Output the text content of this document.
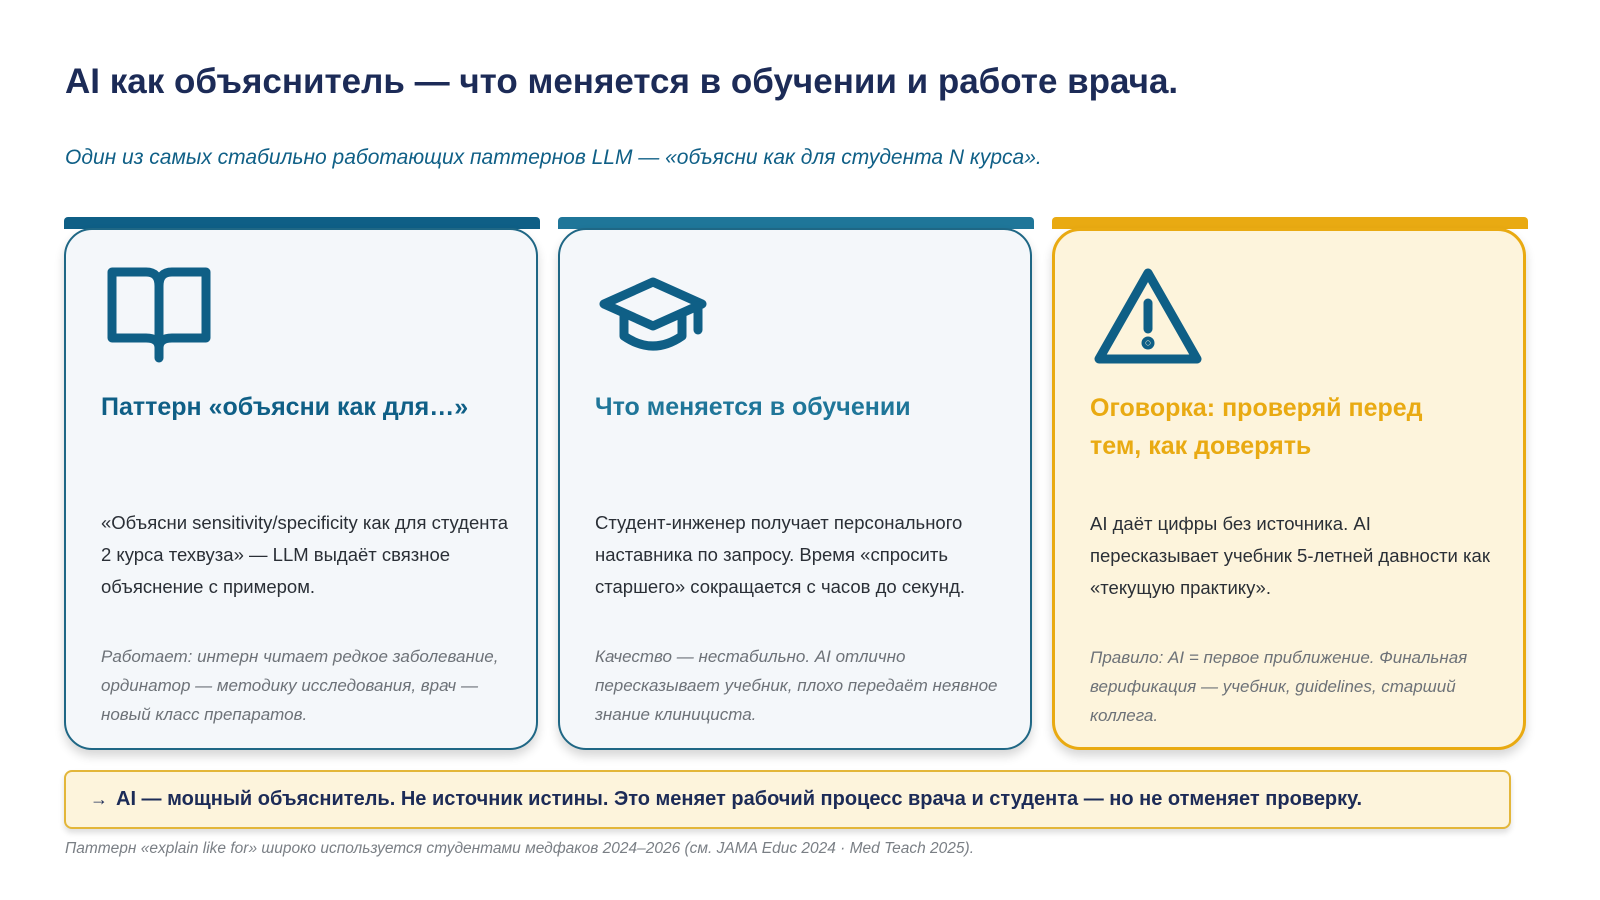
AI как объяснитель — что меняется в обучении и работе врача.

Один из самых стабильно работающих паттернов LLM — «объясни как для студента N курса».

Паттерн «объясни как для…»

«Объясни sensitivity/specificity как для студента 2 курса техвуза» — LLM выдаёт связное объяснение с примером.

Работает: интерн читает редкое заболевание, ординатор — методику исследования, врач — новый класс препаратов.

Что меняется в обучении

Студент-инженер получает персонального наставника по запросу. Время «спросить старшего» сокращается с часов до секунд.

Качество — нестабильно. AI отлично пересказывает учебник, плохо передаёт неявное знание клинициста.

Оговорка: проверяй перед тем, как доверять

AI даёт цифры без источника. AI пересказывает учебник 5-летней давности как «текущую практику».

Правило: AI = первое приближение. Финальная верификация — учебник, guidelines, старший коллега.

→ AI — мощный объяснитель. Не источник истины. Это меняет рабочий процесс врача и студента — но не отменяет проверку.

Паттерн «explain like for» широко используется студентами медфаков 2024–2026 (см. JAMA Educ 2024 · Med Teach 2025).
